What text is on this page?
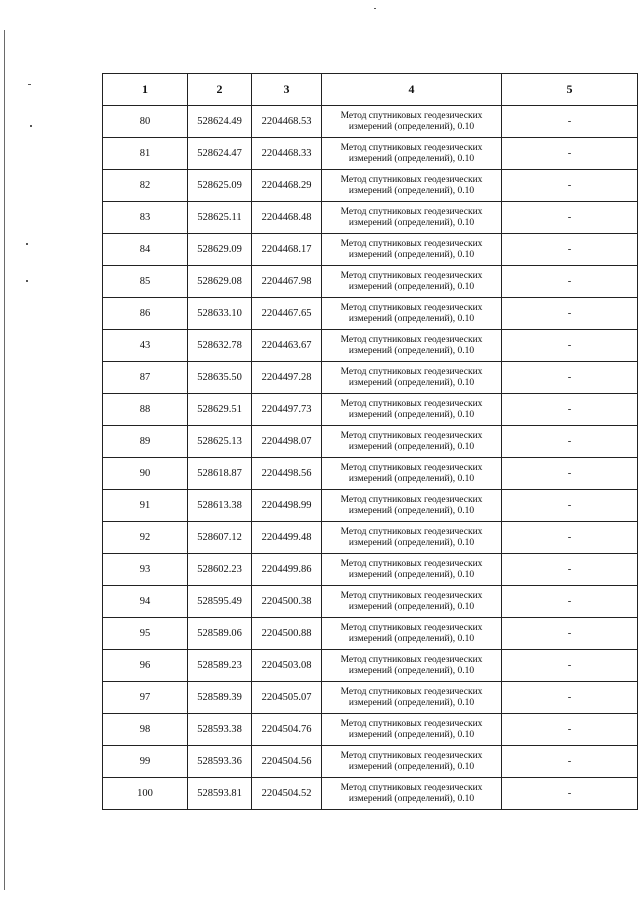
1	2	3	4	5
80	528624.49	2204468.53	Метод спутниковых геодезических измерений (определений), 0.10	-
81	528624.47	2204468.33	Метод спутниковых геодезических измерений (определений), 0.10	-
82	528625.09	2204468.29	Метод спутниковых геодезических измерений (определений), 0.10	-
83	528625.11	2204468.48	Метод спутниковых геодезических измерений (определений), 0.10	-
84	528629.09	2204468.17	Метод спутниковых геодезических измерений (определений), 0.10	-
85	528629.08	2204467.98	Метод спутниковых геодезических измерений (определений), 0.10	-
86	528633.10	2204467.65	Метод спутниковых геодезических измерений (определений), 0.10	-
43	528632.78	2204463.67	Метод спутниковых геодезических измерений (определений), 0.10	-
87	528635.50	2204497.28	Метод спутниковых геодезических измерений (определений), 0.10	-
88	528629.51	2204497.73	Метод спутниковых геодезических измерений (определений), 0.10	-
89	528625.13	2204498.07	Метод спутниковых геодезических измерений (определений), 0.10	-
90	528618.87	2204498.56	Метод спутниковых геодезических измерений (определений), 0.10	-
91	528613.38	2204498.99	Метод спутниковых геодезических измерений (определений), 0.10	-
92	528607.12	2204499.48	Метод спутниковых геодезических измерений (определений), 0.10	-
93	528602.23	2204499.86	Метод спутниковых геодезических измерений (определений), 0.10	-
94	528595.49	2204500.38	Метод спутниковых геодезических измерений (определений), 0.10	-
95	528589.06	2204500.88	Метод спутниковых геодезических измерений (определений), 0.10	-
96	528589.23	2204503.08	Метод спутниковых геодезических измерений (определений), 0.10	-
97	528589.39	2204505.07	Метод спутниковых геодезических измерений (определений), 0.10	-
98	528593.38	2204504.76	Метод спутниковых геодезических измерений (определений), 0.10	-
99	528593.36	2204504.56	Метод спутниковых геодезических измерений (определений), 0.10	-
100	528593.81	2204504.52	Метод спутниковых геодезических измерений (определений), 0.10	-
